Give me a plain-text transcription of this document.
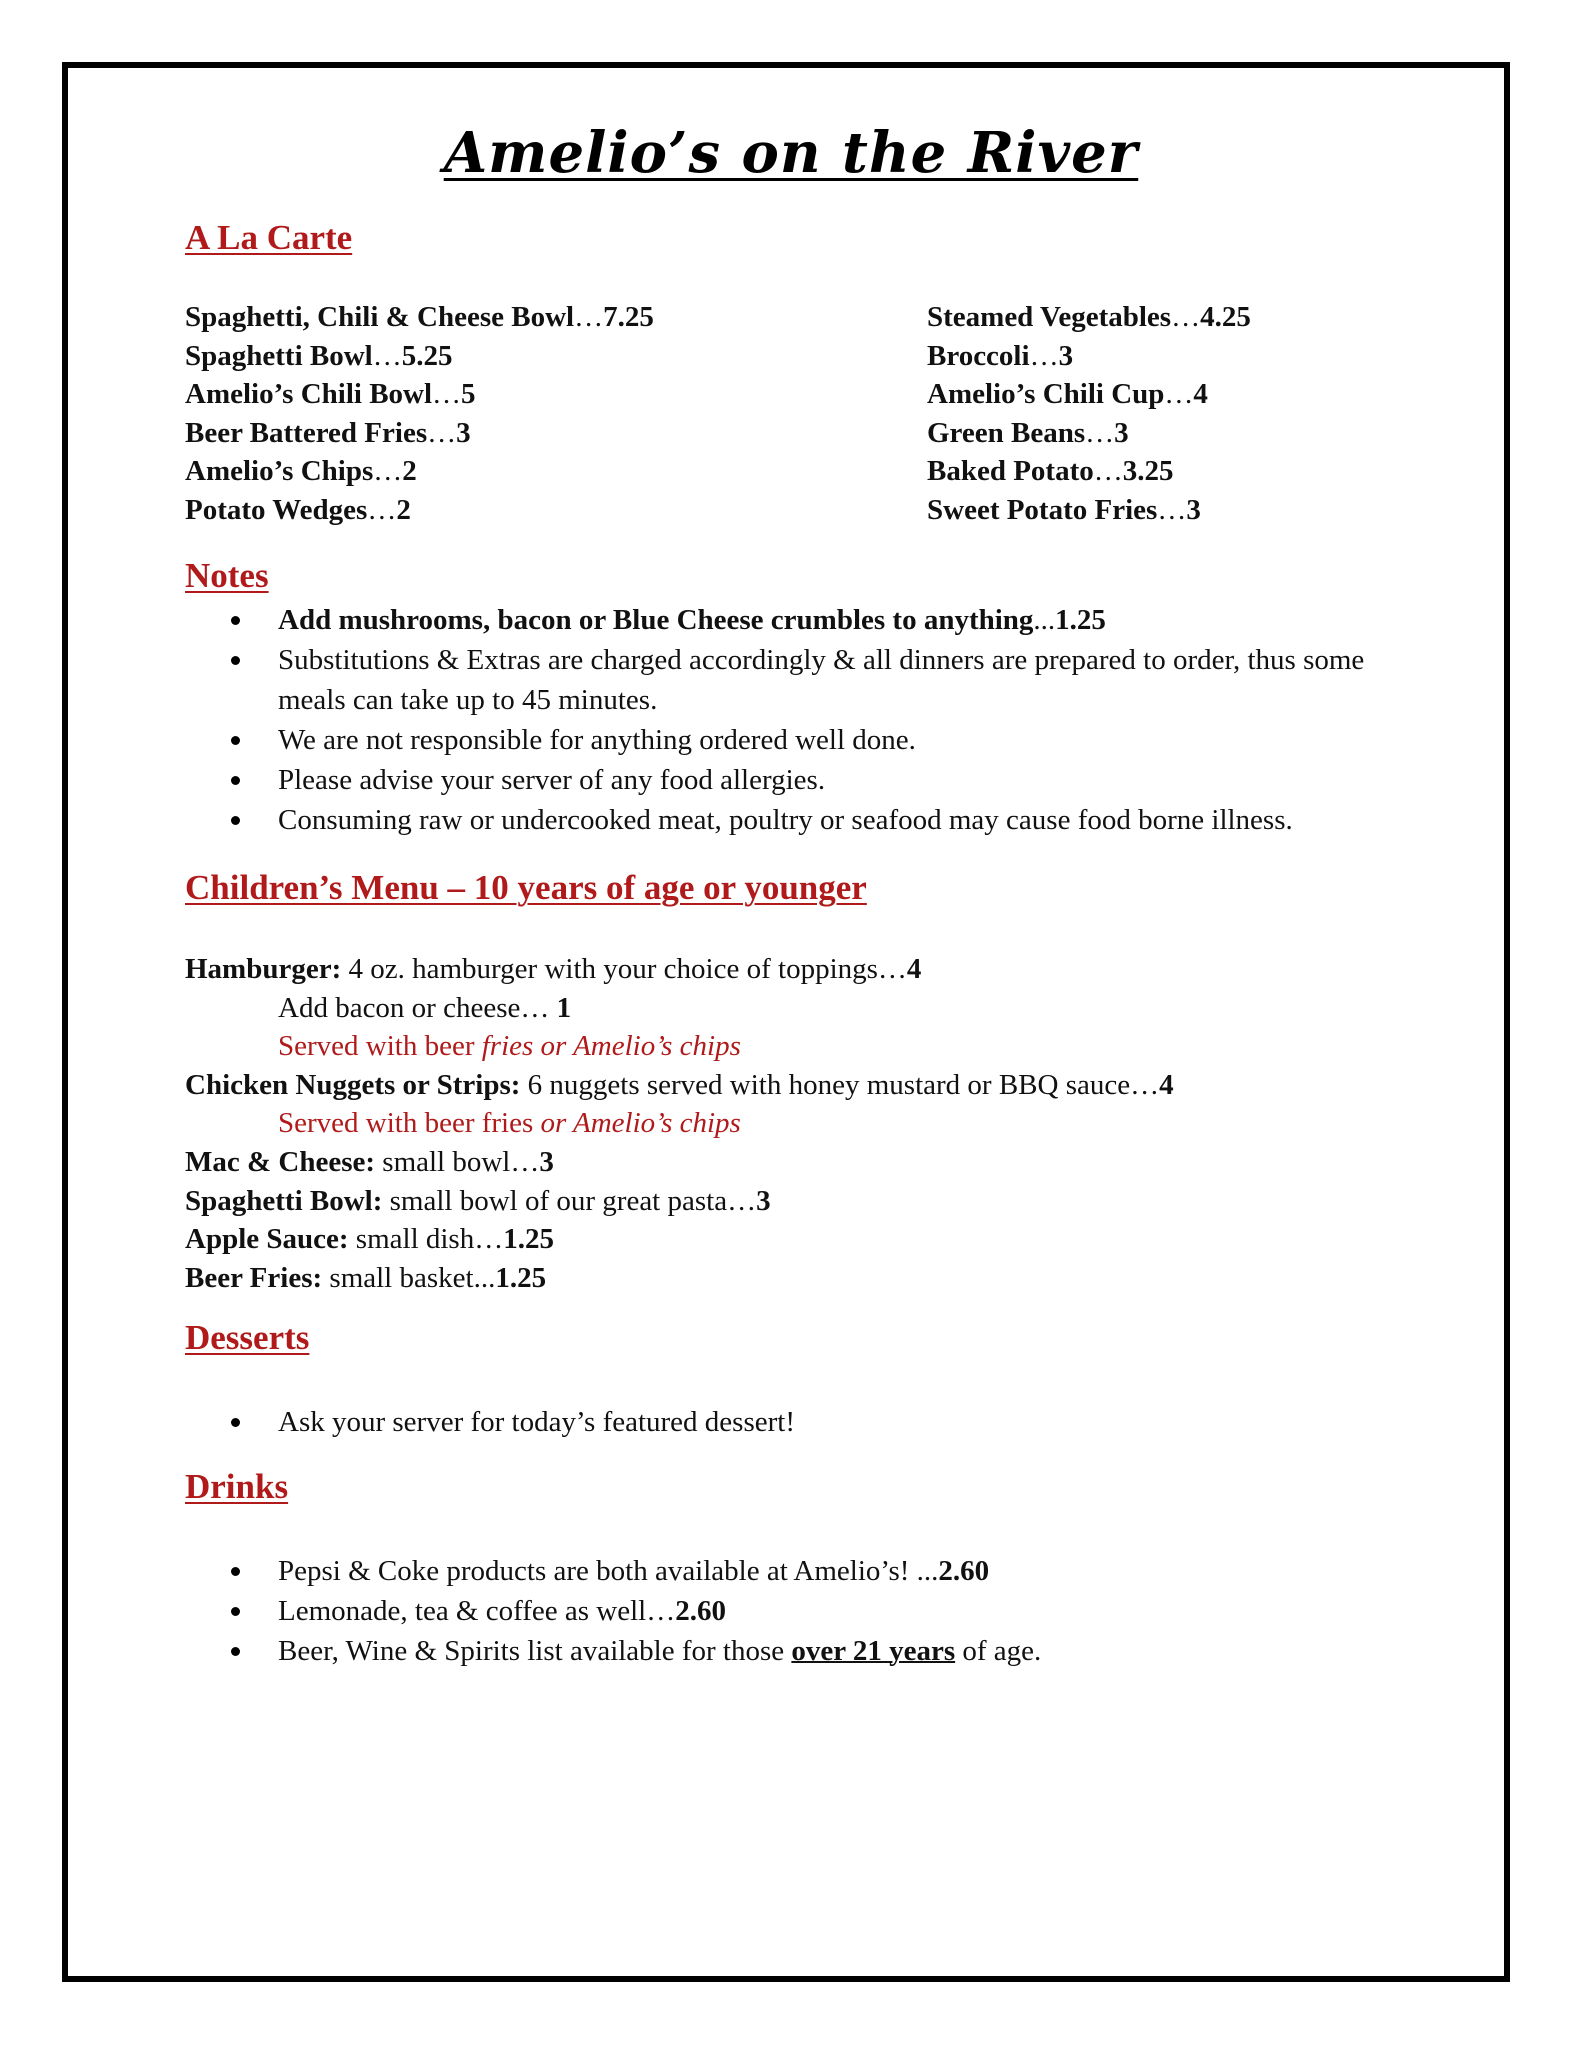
Amelio’s on the River
A La Carte
Spaghetti, Chili & Cheese Bowl…7.25
Spaghetti Bowl…5.25
Amelio’s Chili Bowl…5
Beer Battered Fries…3
Amelio’s Chips…2
Potato Wedges…2
Steamed Vegetables…4.25
Broccoli…3
Amelio’s Chili Cup…4
Green Beans…3
Baked Potato…3.25
Sweet Potato Fries…3
Notes
Add mushrooms, bacon or Blue Cheese crumbles to anything...1.25
Substitutions & Extras are charged accordingly & all dinners are prepared to order, thus some meals can take up to 45 minutes.
We are not responsible for anything ordered well done.
Please advise your server of any food allergies.
Consuming raw or undercooked meat, poultry or seafood may cause food borne illness.
Children’s Menu – 10 years of age or younger
Hamburger: 4 oz. hamburger with your choice of toppings…4
Add bacon or cheese… 1
Served with beer fries or Amelio’s chips
Chicken Nuggets or Strips: 6 nuggets served with honey mustard or BBQ sauce…4
Served with beer fries or Amelio’s chips
Mac & Cheese: small bowl…3
Spaghetti Bowl: small bowl of our great pasta…3
Apple Sauce: small dish…1.25
Beer Fries: small basket...1.25
Desserts
Ask your server for today’s featured dessert!
Drinks
Pepsi & Coke products are both available at Amelio’s! ...2.60
Lemonade, tea & coffee as well…2.60
Beer, Wine & Spirits list available for those over 21 years of age.
